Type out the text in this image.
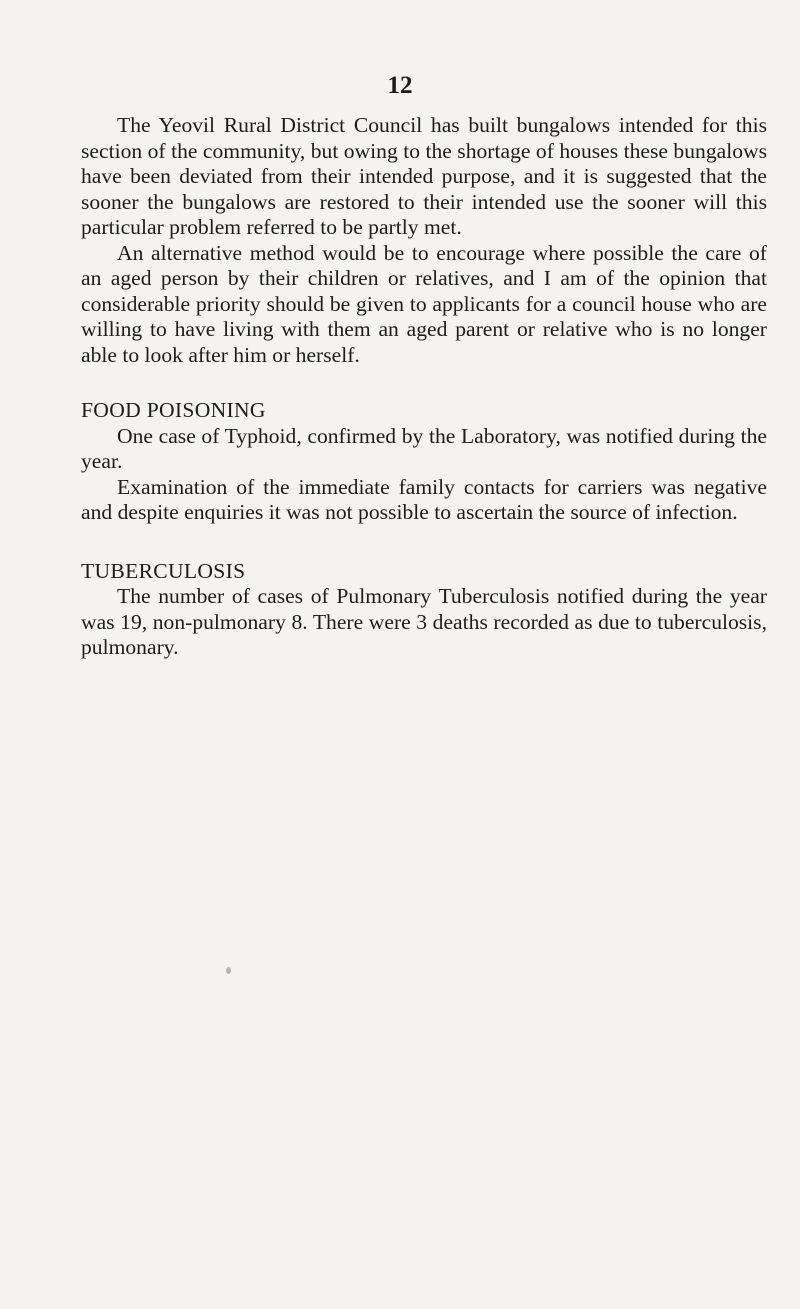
12

The Yeovil Rural District Council has built bungalows intended for this section of the community, but owing to the shortage of houses these bungalows have been deviated from their intended purpose, and it is suggested that the sooner the bungalows are restored to their intended use the sooner will this particular problem referred to be partly met.

An alternative method would be to encourage where possible the care of an aged person by their children or relatives, and I am of the opinion that considerable priority should be given to applicants for a council house who are willing to have living with them an aged parent or relative who is no longer able to look after him or herself.

FOOD POISONING

One case of Typhoid, confirmed by the Laboratory, was notified during the year.

Examination of the immediate family contacts for carriers was negative and despite enquiries it was not possible to ascertain the source of infection.

TUBERCULOSIS

The number of cases of Pulmonary Tuberculosis notified during the year was 19, non-pulmonary 8. There were 3 deaths recorded as due to tuberculosis, pulmonary.
